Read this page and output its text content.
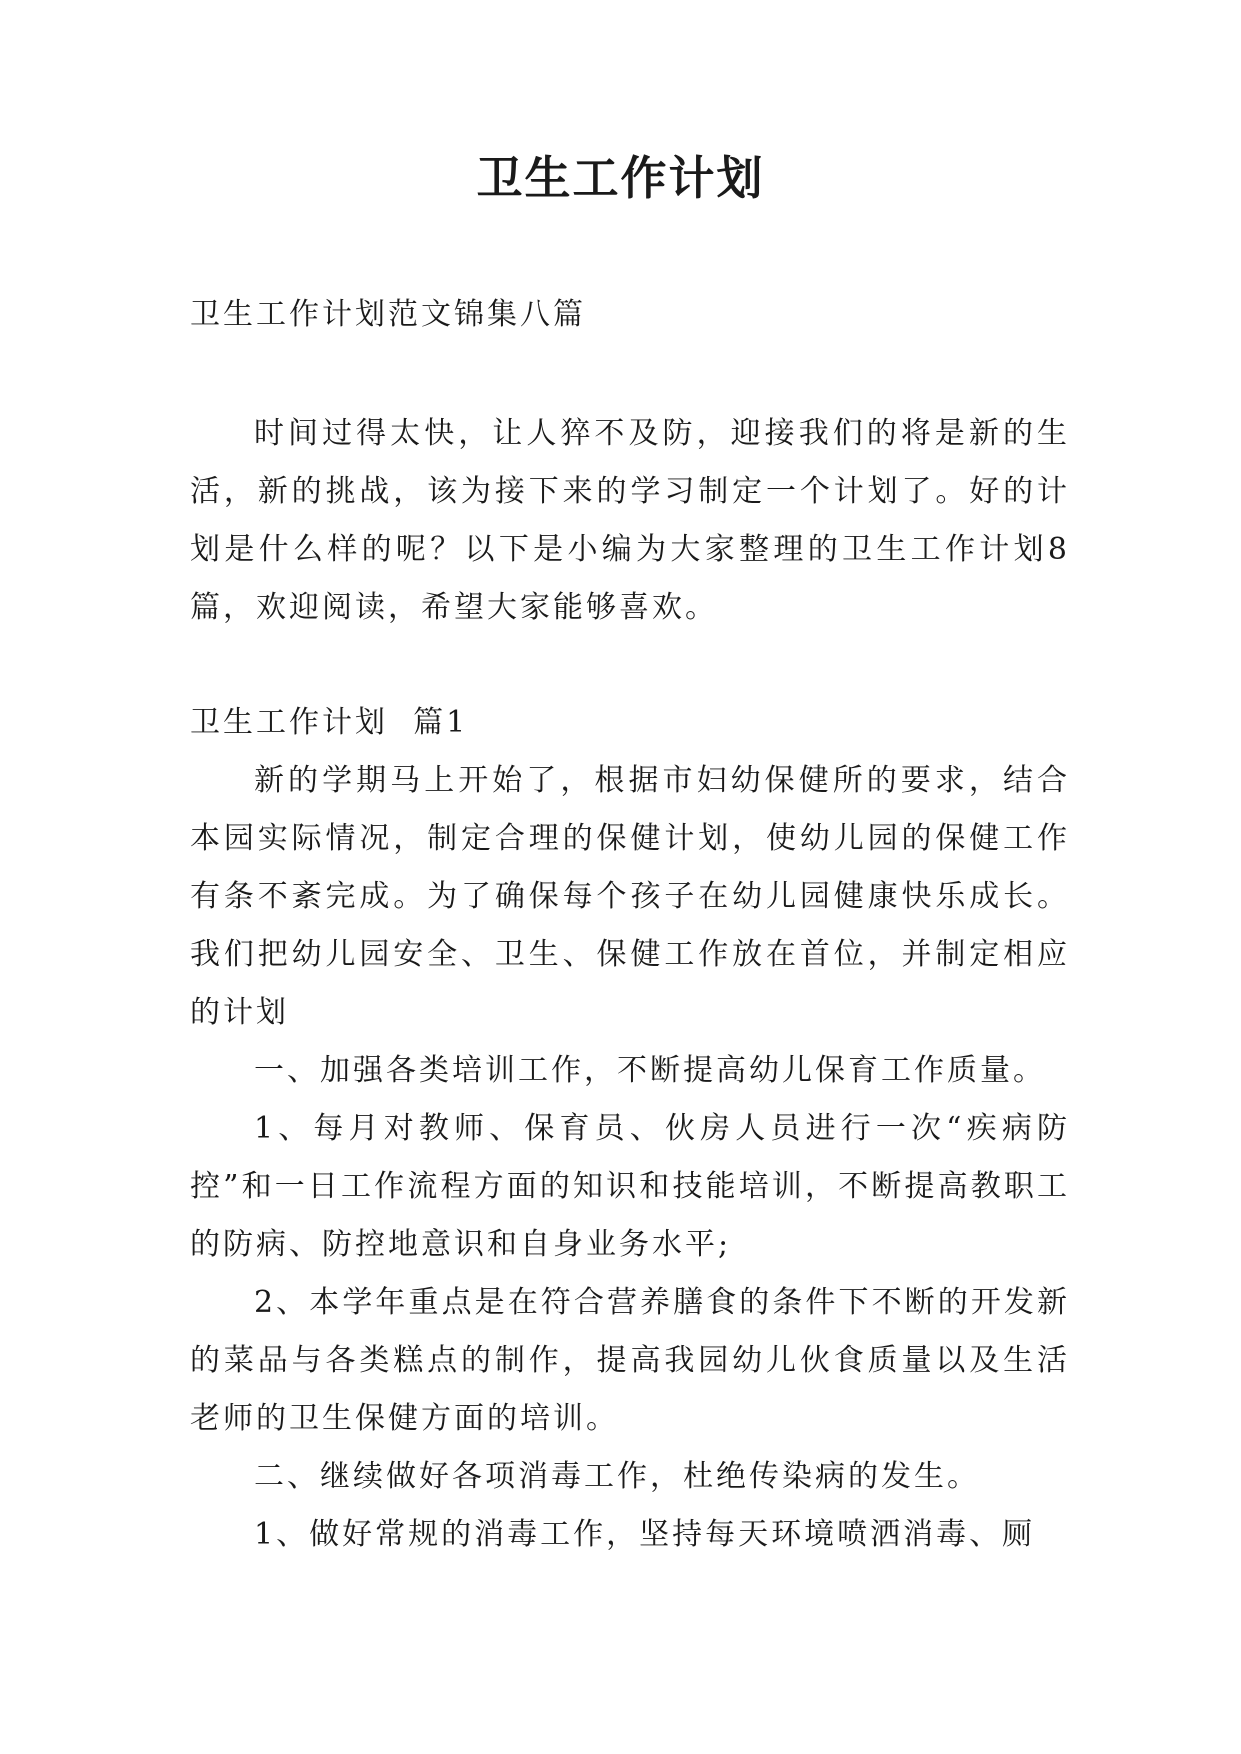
卫生工作计划

卫生工作计划范文锦集八篇

时间过得太快，让人猝不及防，迎接我们的将是新的生活，新的挑战，该为接下来的学习制定一个计划了。好的计划是什么样的呢？以下是小编为大家整理的卫生工作计划8篇，欢迎阅读，希望大家能够喜欢。

卫生工作计划  篇1

新的学期马上开始了，根据市妇幼保健所的要求，结合本园实际情况，制定合理的保健计划，使幼儿园的保健工作有条不紊完成。为了确保每个孩子在幼儿园健康快乐成长。我们把幼儿园安全、卫生、保健工作放在首位，并制定相应的计划

一、加强各类培训工作，不断提高幼儿保育工作质量。

1、每月对教师、保育员、伙房人员进行一次“疾病防控”和一日工作流程方面的知识和技能培训，不断提高教职工的防病、防控地意识和自身业务水平;

2、本学年重点是在符合营养膳食的条件下不断的开发新的菜品与各类糕点的制作，提高我园幼儿伙食质量以及生活老师的卫生保健方面的培训。

二、继续做好各项消毒工作，杜绝传染病的发生。

1、做好常规的消毒工作，坚持每天环境喷洒消毒、厕
